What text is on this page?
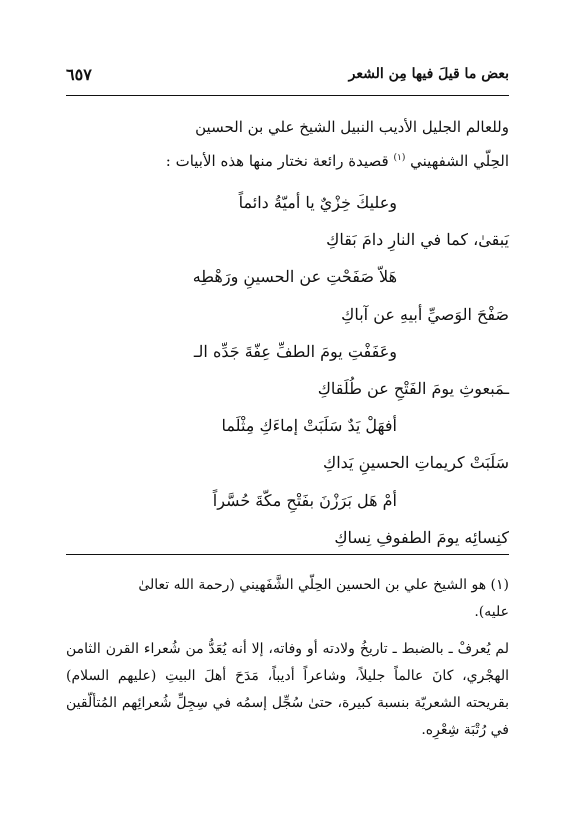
٦٥٧	بعض ما قيلَ فيها مِن الشعر

وللعالم الجليل الأديب النبيل الشيخ علي بن الحسين

الحِلّي الشفهيني $^{(١)}$ قصيدة رائعة نختار منها هذه الأبيات :

وعليكَ خِزْيٌ يا أميّةُ دائماً
يَبقىٰ، كما في النارِ دامَ بَقاكِ
هَلاّ صَفَحْتِ عن الحسينِ ورَهْطِه
صَفْحَ الوَصيِّ أبيهِ عن آباكِ
وعَفَفْتِ يومَ الطفِّ عِفّةَ جَدِّه الـ
ـمَبعوثِ يومَ الفَتْحِ عن طُلَقاكِ
أفهَلْ يَدٌ سَلَبَتْ إماءَكِ مِثْلَما
سَلَبَتْ كريماتِ الحسينِ يَداكِ
أمْ هَل بَرَزْنَ بفَتْحِ مكّةَ حُسَّراً
كنِسائِه يومَ الطفوفِ نِساكِ

(١) هو الشيخ علي بن الحسين الحِلّي الشَّفَهيني (رحمة الله تعالىٰ

عليه).

لم يُعرفْ ـ بالضبط ـ تاريخُ ولادته أو وفاته، إلا أنه يُعَدُّ من شُعراء القرن الثامن الهجْري، كانَ عالماً جليلاً، وشاعراً أديباً، مَدَحَ أهلَ البيتِ (عليهم السلام) بقريحته الشعريّة بنسبة كبيرة، حتىٰ سُجِّل إسمُه في سِجِلِّ شُعرائِهم المُتألّقين في رُتْبَة شِعْرِه.
